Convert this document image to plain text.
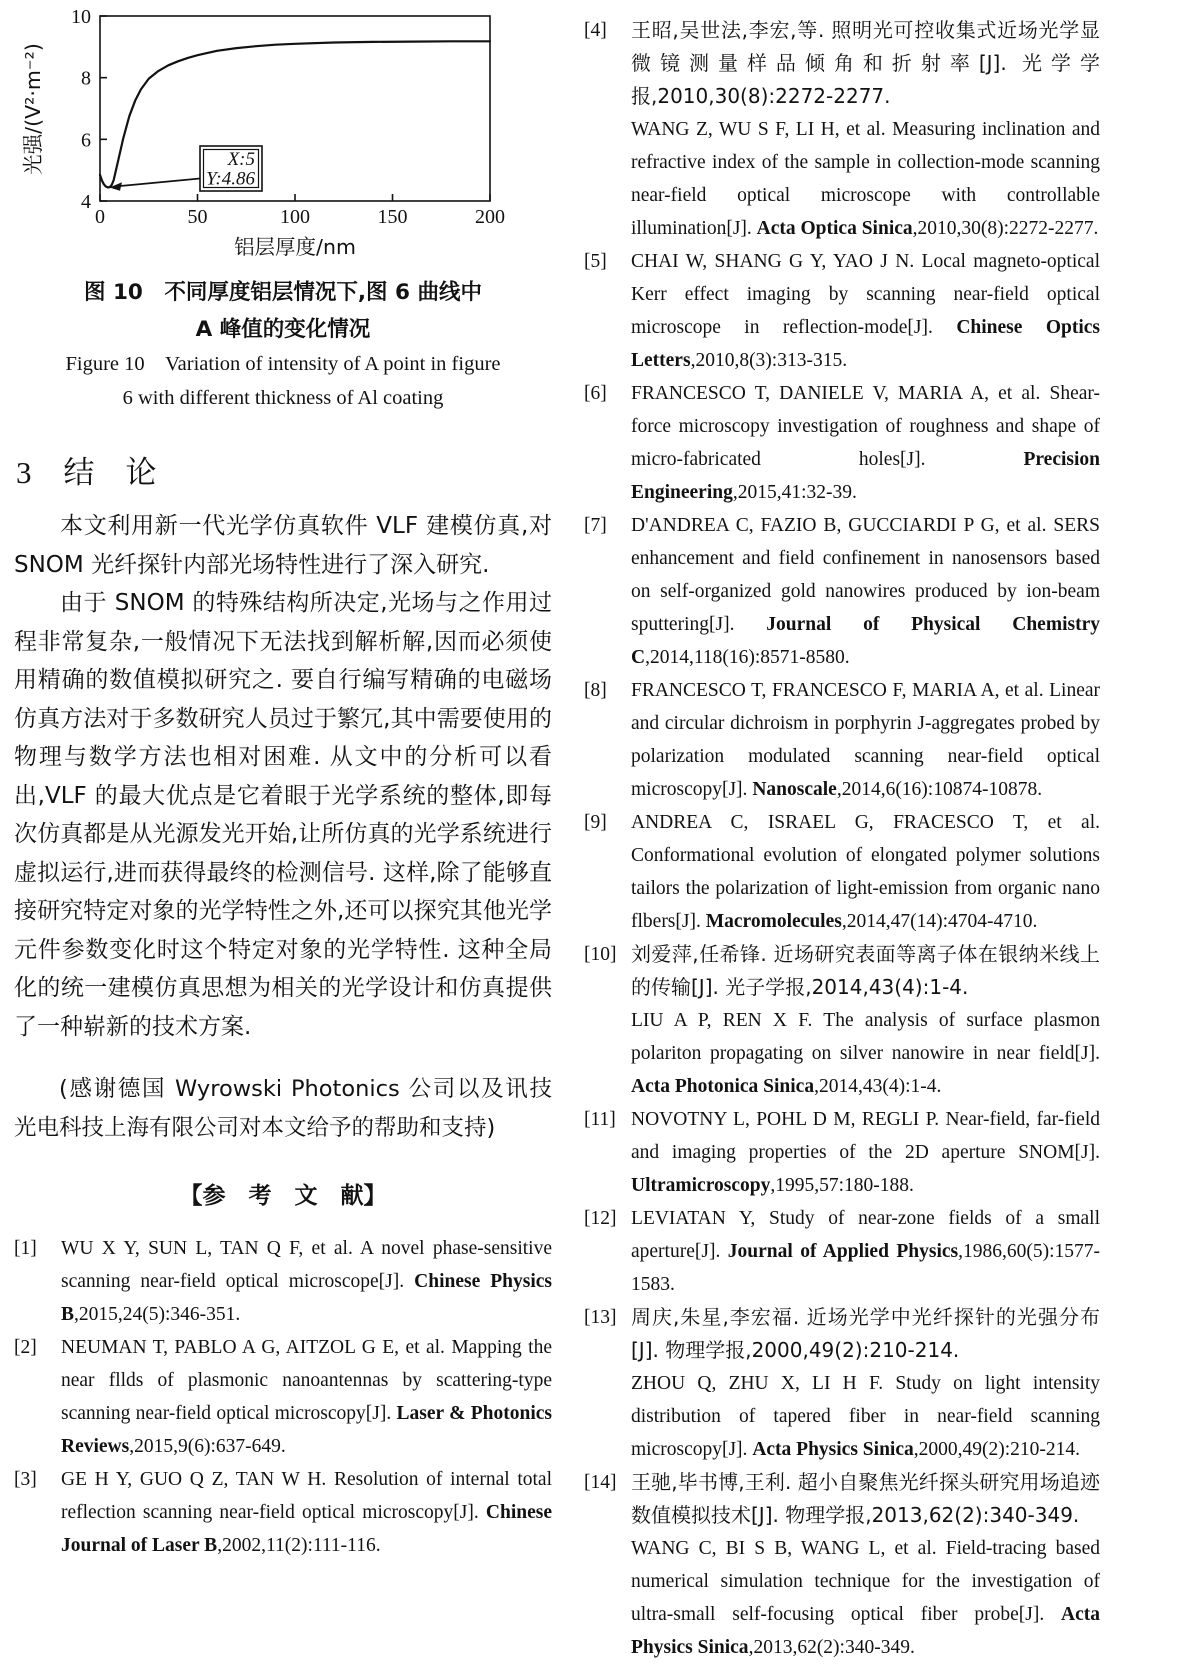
0	50	100	150	200
4
6
8
10
X:5
Y:4.86
光强/(V²·m⁻²)
铝层厚度/nm

图 10　不同厚度铝层情况下,图 6 曲线中

A 峰值的变化情况

Figure 10　Variation of intensity of A point in figure

6 with different thickness of Al coating

3 结　论

本文利用新一代光学仿真软件 VLF 建模仿真,对 SNOM 光纤探针内部光场特性进行了深入研究.

由于 SNOM 的特殊结构所决定,光场与之作用过程非常复杂,一般情况下无法找到解析解,因而必须使用精确的数值模拟研究之. 要自行编写精确的电磁场仿真方法对于多数研究人员过于繁冗,其中需要使用的物理与数学方法也相对困难. 从文中的分析可以看出,VLF 的最大优点是它着眼于光学系统的整体,即每次仿真都是从光源发光开始,让所仿真的光学系统进行虚拟运行,进而获得最终的检测信号. 这样,除了能够直接研究特定对象的光学特性之外,还可以探究其他光学元件参数变化时这个特定对象的光学特性. 这种全局化的统一建模仿真思想为相关的光学设计和仿真提供了一种崭新的技术方案.

(感谢德国 Wyrowski Photonics 公司以及讯技光电科技上海有限公司对本文给予的帮助和支持)

【参　考　文　献】
[1]	WU X Y, SUN L, TAN Q F, et al. A novel phase-sensitive scanning near-field optical microscope[J]. Chinese Physics B,2015,24(5):346-351.
[2]	NEUMAN T, PABLO A G, AITZOL G E, et al. Mapping the near fllds of plasmonic nanoantennas by scattering-type scanning near-field optical microscopy[J]. Laser & Photonics Reviews,2015,9(6):637-649.
[3]	GE H Y, GUO Q Z, TAN W H. Resolution of internal total reflection scanning near-field optical microscopy[J]. Chinese Journal of Laser B,2002,11(2):111-116.
[4]	王昭,吴世法,李宏,等. 照明光可控收集式近场光学显微镜测量样品倾角和折射率[J]. 光学学报,2010,30(8):2272-2277.
WANG Z, WU S F, LI H, et al. Measuring inclination and refractive index of the sample in collection-mode scanning near-field optical microscope with controllable illumination[J]. Acta Optica Sinica,2010,30(8):2272-2277.
[5]	CHAI W, SHANG G Y, YAO J N. Local magneto-optical Kerr effect imaging by scanning near-field optical microscope in reflection-mode[J]. Chinese Optics Letters,2010,8(3):313-315.
[6]	FRANCESCO T, DANIELE V, MARIA A, et al. Shear-force microscopy investigation of roughness and shape of micro-fabricated holes[J]. Precision Engineering,2015,41:32-39.
[7]	D'ANDREA C, FAZIO B, GUCCIARDI P G, et al. SERS enhancement and field confinement in nanosensors based on self-organized gold nanowires produced by ion-beam sputtering[J]. Journal of Physical Chemistry C,2014,118(16):8571-8580.
[8]	FRANCESCO T, FRANCESCO F, MARIA A, et al. Linear and circular dichroism in porphyrin J-aggregates probed by polarization modulated scanning near-field optical microscopy[J]. Nanoscale,2014,6(16):10874-10878.
[9]	ANDREA C, ISRAEL G, FRACESCO T, et al. Conformational evolution of elongated polymer solutions tailors the polarization of light-emission from organic nano flbers[J]. Macromolecules,2014,47(14):4704-4710.
[10] 刘爱萍,任希锋. 近场研究表面等离子体在银纳米线上的传输[J]. 光子学报,2014,43(4):1-4.
LIU A P, REN X F. The analysis of surface plasmon polariton propagating on silver nanowire in near field[J]. Acta Photonica Sinica,2014,43(4):1-4.
[11] NOVOTNY L, POHL D M, REGLI P. Near-field, far-field and imaging properties of the 2D aperture SNOM[J]. Ultramicroscopy,1995,57:180-188.
[12] LEVIATAN Y, Study of near-zone fields of a small aperture[J]. Journal of Applied Physics,1986,60(5):1577-1583.
[13] 周庆,朱星,李宏福. 近场光学中光纤探针的光强分布[J]. 物理学报,2000,49(2):210-214.
ZHOU Q, ZHU X, LI H F. Study on light intensity distribution of tapered fiber in near-field scanning microscopy[J]. Acta Physics Sinica,2000,49(2):210-214.
[14] 王驰,毕书博,王利. 超小自聚焦光纤探头研究用场追迹数值模拟技术[J]. 物理学报,2013,62(2):340-349.
WANG C, BI S B, WANG L, et al. Field-tracing based numerical simulation technique for the investigation of ultra-small self-focusing optical fiber probe[J]. Acta Physics Sinica,2013,62(2):340-349.
